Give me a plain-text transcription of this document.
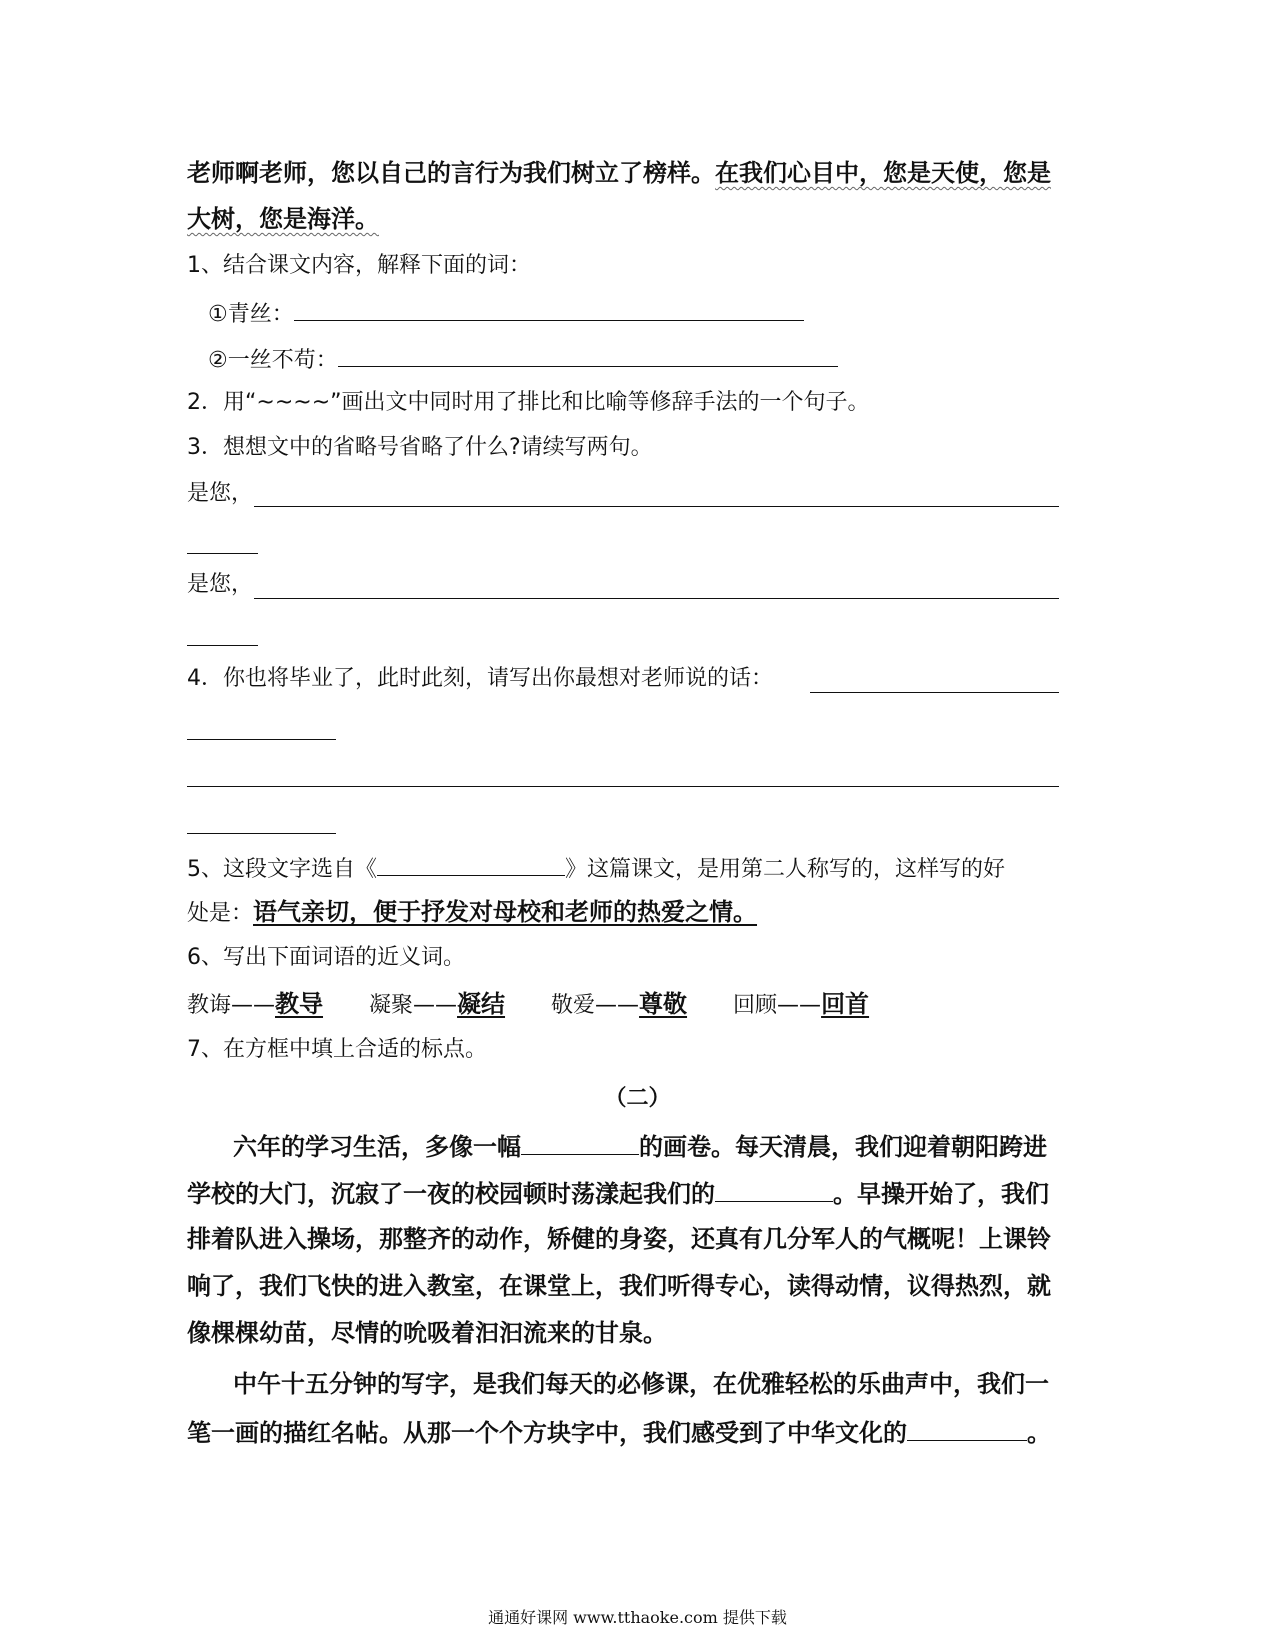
老师啊老师，您以自己的言行为我们树立了榜样。在我们心目中，您是天使，您是
大树，您是海洋。
1、结合课文内容，解释下面的词：
①青丝：
②一丝不苟：
2．用“~~~~”画出文中同时用了排比和比喻等修辞手法的一个句子。
3．想想文中的省略号省略了什么?请续写两句。
是您，
是您，
4．你也将毕业了，此时此刻，请写出你最想对老师说的话：
5、这段文字选自《	》这篇课文，是用第二人称写的，这样写的好
处是：语气亲切，便于抒发对母校和老师的热爱之情。
6、写出下面词语的近义词。
教诲——教导 凝聚——凝结 敬爱——尊敬 回顾——回首
7、在方框中填上合适的标点。
（二）
六年的学习生活，多像一幅	的画卷。每天清晨，我们迎着朝阳跨进
学校的大门，沉寂了一夜的校园顿时荡漾起我们的	。早操开始了，我们
排着队进入操场，那整齐的动作，矫健的身姿，还真有几分军人的气概呢！上课铃
响了，我们飞快的进入教室，在课堂上，我们听得专心，读得动情，议得热烈，就
像棵棵幼苗，尽情的吮吸着汩汩流来的甘泉。
中午十五分钟的写字，是我们每天的必修课，在优雅轻松的乐曲声中，我们一
笔一画的描红名帖。从那一个个方块字中，我们感受到了中华文化的	。
通通好课网 www.tthaoke.com 提供下载
